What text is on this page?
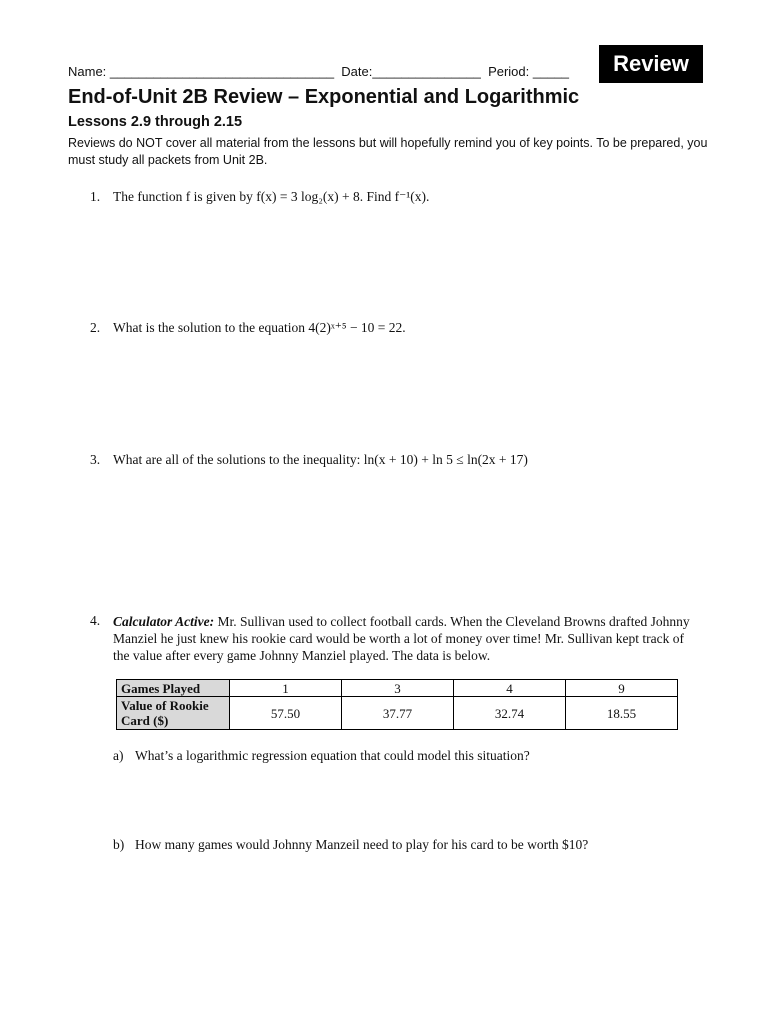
Name: _______________________________ Date:_______________ Period: _____	Review
End-of-Unit 2B Review – Exponential and Logarithmic
Lessons 2.9 through 2.15
Reviews do NOT cover all material from the lessons but will hopefully remind you of key points. To be prepared, you must study all packets from Unit 2B.
1. The function f is given by f(x) = 3 log₂(x) + 8. Find f⁻¹(x).
2. What is the solution to the equation 4(2)ˣ⁺⁵ − 10 = 22.
3. What are all of the solutions to the inequality: ln(x + 10) + ln 5 ≤ ln(2x + 17)
4. Calculator Active: Mr. Sullivan used to collect football cards. When the Cleveland Browns drafted Johnny Manziel he just knew his rookie card would be worth a lot of money over time! Mr. Sullivan kept track of the value after every game Johnny Manziel played. The data is below.
Games Played	1	3	4	9
Value of Rookie Card ($)	57.50	37.77	32.74	18.55
a) What’s a logarithmic regression equation that could model this situation?
b) How many games would Johnny Manzeil need to play for his card to be worth $10?
